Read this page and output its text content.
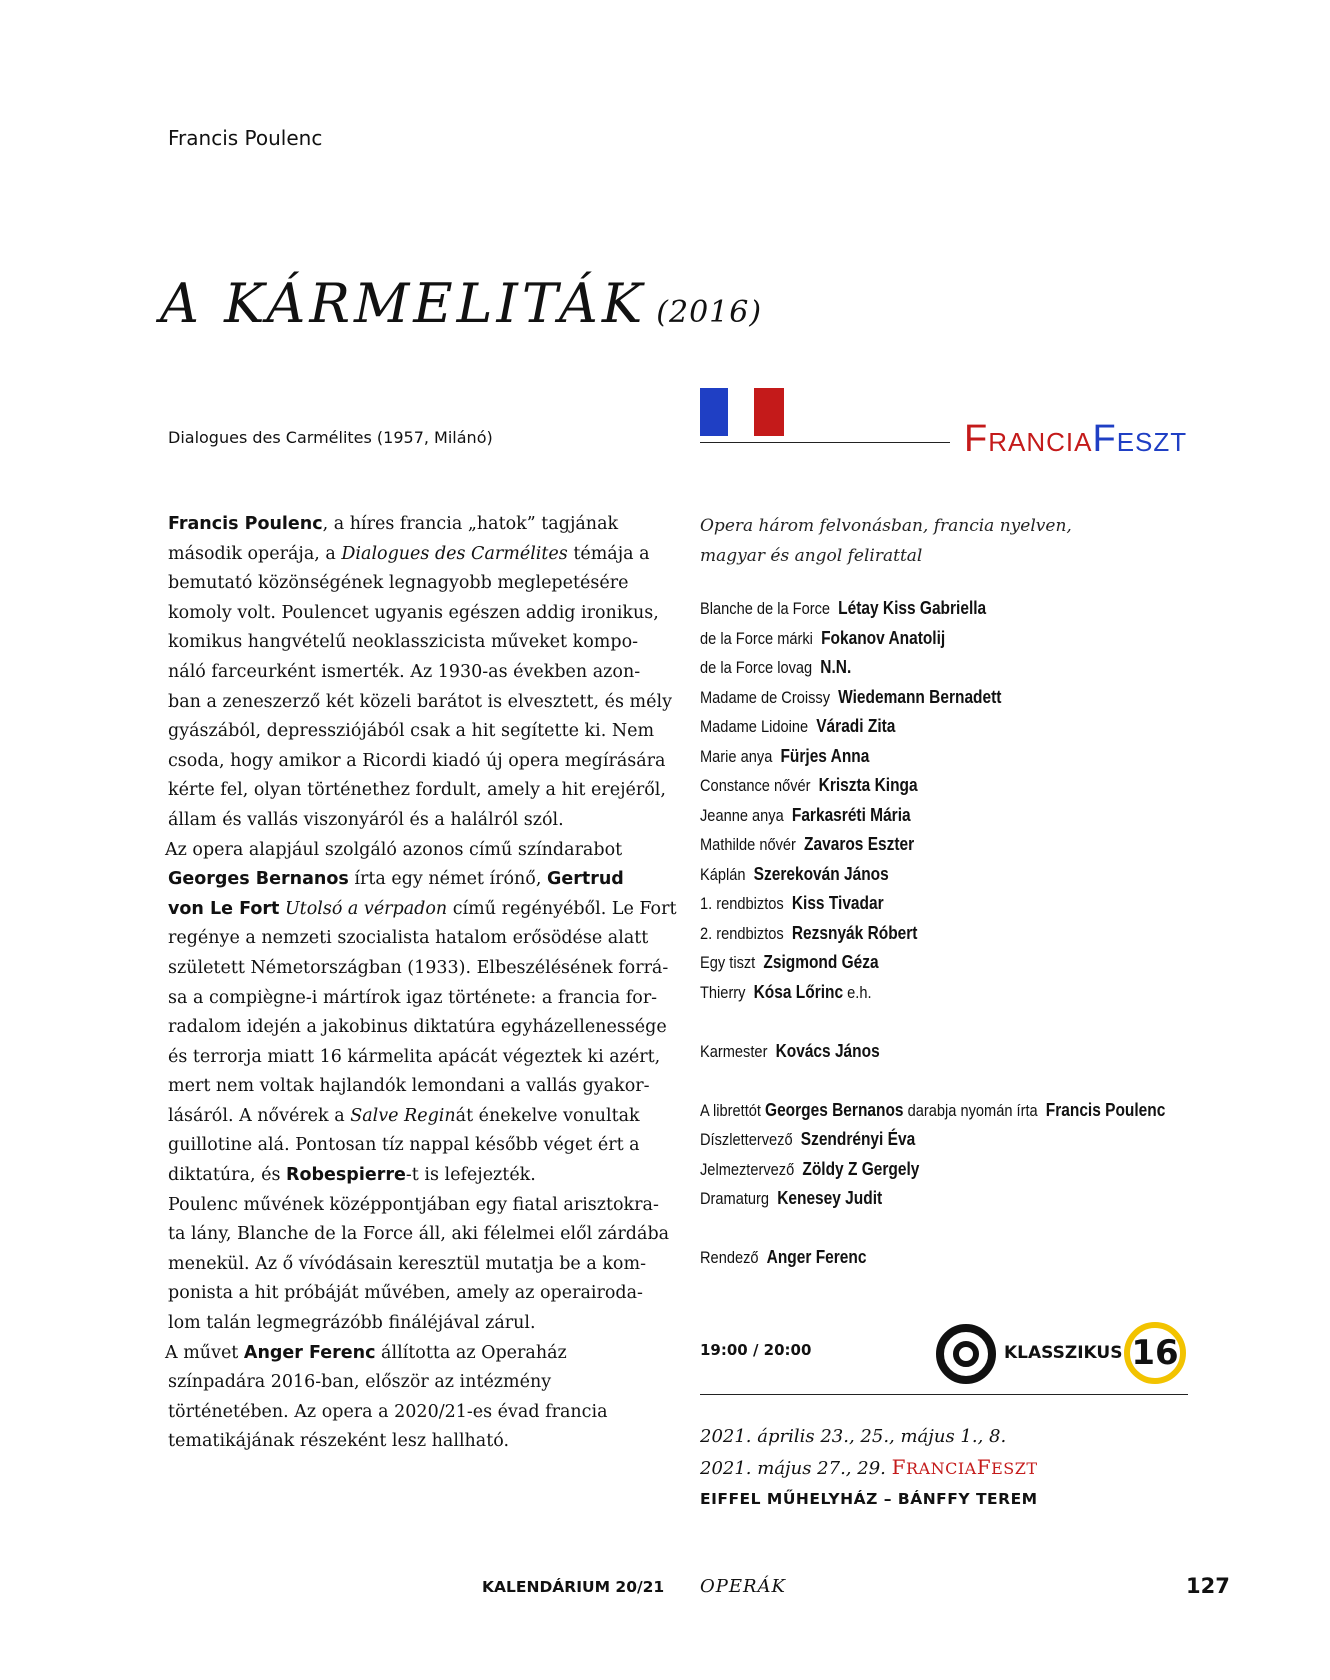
Francis Poulenc
A KÁRMELITÁK (2016)
Dialogues des Carmélites (1957, Milánó)	FRANCIAFESZT
Francis Poulenc, a híres francia „hatok” tagjának
második operája, a Dialogues des Carmélites témája a
bemutató közönségének legnagyobb meglepetésére
komoly volt. Poulencet ugyanis egészen addig ironikus,
komikus hangvételű neoklasszicista műveket kompo-
náló farceurként ismerték. Az 1930-as években azon-
ban a zeneszerző két közeli barátot is elvesztett, és mély
gyászából, depressziójából csak a hit segítette ki. Nem
csoda, hogy amikor a Ricordi kiadó új opera megírására
kérte fel, olyan történethez fordult, amely a hit erejéről,
állam és vallás viszonyáról és a halálról szól.
Az opera alapjául szolgáló azonos című színdarabot
Georges Bernanos írta egy német írónő, Gertrud
von Le Fort Utolsó a vérpadon című regényéből. Le Fort
regénye a nemzeti szocialista hatalom erősödése alatt
született Németországban (1933). Elbeszélésének forrá-
sa a compiègne-i mártírok igaz története: a francia for-
radalom idején a jakobinus diktatúra egyházellenessége
és terrorja miatt 16 kármelita apácát végeztek ki azért,
mert nem voltak hajlandók lemondani a vallás gyakor-
lásáról. A nővérek a Salve Reginát énekelve vonultak
guillotine alá. Pontosan tíz nappal később véget ért a
diktatúra, és Robespierre-t is lefejezték.
Poulenc művének középpontjában egy fiatal arisztokra-
ta lány, Blanche de la Force áll, aki félelmei elől zárdába
menekül. Az ő vívódásain keresztül mutatja be a kom-
ponista a hit próbáját művében, amely az operairoda-
lom talán legmegrázóbb fináléjával zárul.
A művet Anger Ferenc állította az Operaház
színpadára 2016-ban, először az intézmény
történetében. Az opera a 2020/21-es évad francia
tematikájának részeként lesz hallható.
Opera három felvonásban, francia nyelven,
magyar és angol felirattal
Blanche de la Force Létay Kiss Gabriella
de la Force márki Fokanov Anatolij
de la Force lovag N.N.
Madame de Croissy Wiedemann Bernadett
Madame Lidoine Váradi Zita
Marie anya Fürjes Anna
Constance nővér Kriszta Kinga
Jeanne anya Farkasréti Mária
Mathilde nővér Zavaros Eszter
Káplán Szerekován János
1. rendbiztos Kiss Tivadar
2. rendbiztos Rezsnyák Róbert
Egy tiszt Zsigmond Géza
Thierry Kósa Lőrinc e.h.
Karmester Kovács János
A librettót Georges Bernanos darabja nyomán írta Francis Poulenc
Díszlettervező Szendrényi Éva
Jelmeztervező Zöldy Z Gergely
Dramaturg Kenesey Judit
Rendező Anger Ferenc
19:00 / 20:00	KLASSZIKUS 16
2021. április 23., 25., május 1., 8.
2021. május 27., 29. FRANCIAFESZT
EIFFEL MŰHELYHÁZ – BÁNFFY TEREM
KALENDÁRIUM 20/21 OPERÁK	127
